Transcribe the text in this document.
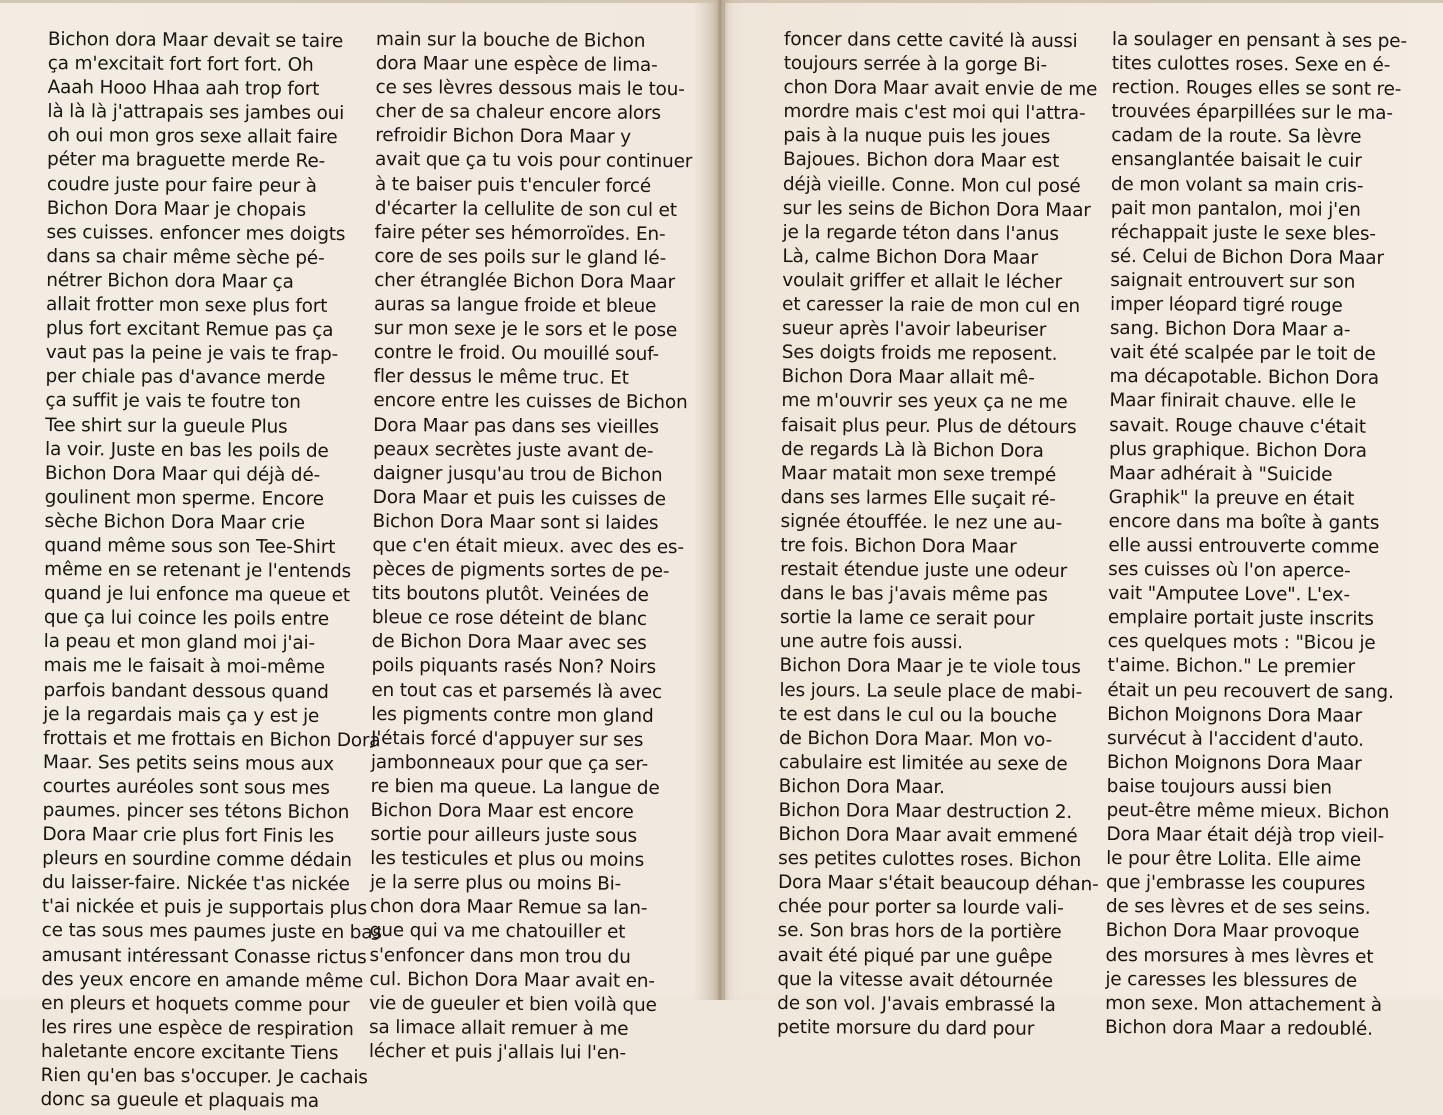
Bichon dora Maar devait se taire
ça m'excitait fort fort fort. Oh
Aaah Hooo Hhaa aah trop fort
là là là j'attrapais ses jambes oui
oh oui mon gros sexe allait faire
péter ma braguette merde Re-
coudre juste pour faire peur à
Bichon Dora Maar je chopais
ses cuisses. enfoncer mes doigts
dans sa chair même sèche pé-
nétrer Bichon dora Maar ça
allait frotter mon sexe plus fort
plus fort excitant Remue pas ça
vaut pas la peine je vais te frap-
per chiale pas d'avance merde
ça suffit je vais te foutre ton
Tee shirt sur la gueule Plus
la voir. Juste en bas les poils de
Bichon Dora Maar qui déjà dé-
goulinent mon sperme. Encore
sèche Bichon Dora Maar crie
quand même sous son Tee-Shirt
même en se retenant je l'entends
quand je lui enfonce ma queue et
que ça lui coince les poils entre
la peau et mon gland moi j'ai-
mais me le faisait à moi-même
parfois bandant dessous quand
je la regardais mais ça y est je
frottais et me frottais en Bichon Dora
Maar. Ses petits seins mous aux
courtes auréoles sont sous mes
paumes. pincer ses tétons Bichon
Dora Maar crie plus fort Finis les
pleurs en sourdine comme dédain
du laisser-faire. Nickée t'as nickée
t'ai nickée et puis je supportais plus
ce tas sous mes paumes juste en bas
amusant intéressant Conasse rictus
des yeux encore en amande même
en pleurs et hoquets comme pour
les rires une espèce de respiration
haletante encore excitante Tiens
Rien qu'en bas s'occuper. Je cachais
donc sa gueule et plaquais ma
main sur la bouche de Bichon
dora Maar une espèce de lima-
ce ses lèvres dessous mais le tou-
cher de sa chaleur encore alors
refroidir Bichon Dora Maar y
avait que ça tu vois pour continuer
à te baiser puis t'enculer forcé
d'écarter la cellulite de son cul et
faire péter ses hémorroïdes. En-
core de ses poils sur le gland lé-
cher étranglée Bichon Dora Maar
auras sa langue froide et bleue
sur mon sexe je le sors et le pose
contre le froid. Ou mouillé souf-
fler dessus le même truc. Et
encore entre les cuisses de Bichon
Dora Maar pas dans ses vieilles
peaux secrètes juste avant de-
daigner jusqu'au trou de Bichon
Dora Maar et puis les cuisses de
Bichon Dora Maar sont si laides
que c'en était mieux. avec des es-
pèces de pigments sortes de pe-
tits boutons plutôt. Veinées de
bleue ce rose déteint de blanc
de Bichon Dora Maar avec ses
poils piquants rasés Non? Noirs
en tout cas et parsemés là avec
les pigments contre mon gland
J'étais forcé d'appuyer sur ses
jambonneaux pour que ça ser-
re bien ma queue. La langue de
Bichon Dora Maar est encore
sortie pour ailleurs juste sous
les testicules et plus ou moins
je la serre plus ou moins Bi-
chon dora Maar Remue sa lan-
gue qui va me chatouiller et
s'enfoncer dans mon trou du
cul. Bichon Dora Maar avait en-
vie de gueuler et bien voilà que
sa limace allait remuer à me
lécher et puis j'allais lui l'en-
foncer dans cette cavité là aussi
toujours serrée à la gorge Bi-
chon Dora Maar avait envie de me
mordre mais c'est moi qui l'attra-
pais à la nuque puis les joues
Bajoues. Bichon dora Maar est
déjà vieille. Conne. Mon cul posé
sur les seins de Bichon Dora Maar
je la regarde téton dans l'anus
Là, calme Bichon Dora Maar
voulait griffer et allait le lécher
et caresser la raie de mon cul en
sueur après l'avoir labeuriser
Ses doigts froids me reposent.
Bichon Dora Maar allait mê-
me m'ouvrir ses yeux ça ne me
faisait plus peur. Plus de détours
de regards Là là Bichon Dora
Maar matait mon sexe trempé
dans ses larmes Elle suçait ré-
signée étouffée. le nez une au-
tre fois. Bichon Dora Maar
restait étendue juste une odeur
dans le bas j'avais même pas
sortie la lame ce serait pour
une autre fois aussi.
Bichon Dora Maar je te viole tous
les jours. La seule place de mabi-
te est dans le cul ou la bouche
de Bichon Dora Maar. Mon vo-
cabulaire est limitée au sexe de
Bichon Dora Maar.
Bichon Dora Maar destruction 2.
Bichon Dora Maar avait emmené
ses petites culottes roses. Bichon
Dora Maar s'était beaucoup déhan-
chée pour porter sa lourde vali-
se. Son bras hors de la portière
avait été piqué par une guêpe
que la vitesse avait détournée
de son vol. J'avais embrassé la
petite morsure du dard pour
la soulager en pensant à ses pe-
tites culottes roses. Sexe en é-
rection. Rouges elles se sont re-
trouvées éparpillées sur le ma-
cadam de la route. Sa lèvre
ensanglantée baisait le cuir
de mon volant sa main cris-
pait mon pantalon, moi j'en
réchappait juste le sexe bles-
sé. Celui de Bichon Dora Maar
saignait entrouvert sur son
imper léopard tigré rouge
sang. Bichon Dora Maar a-
vait été scalpée par le toit de
ma décapotable. Bichon Dora
Maar finirait chauve. elle le
savait. Rouge chauve c'était
plus graphique. Bichon Dora
Maar adhérait à "Suicide
Graphik" la preuve en était
encore dans ma boîte à gants
elle aussi entrouverte comme
ses cuisses où l'on aperce-
vait "Amputee Love". L'ex-
emplaire portait juste inscrits
ces quelques mots : "Bicou je
t'aime. Bichon." Le premier
était un peu recouvert de sang.
Bichon Moignons Dora Maar
survécut à l'accident d'auto.
Bichon Moignons Dora Maar
baise toujours aussi bien
peut-être même mieux. Bichon
Dora Maar était déjà trop vieil-
le pour être Lolita. Elle aime
que j'embrasse les coupures
de ses lèvres et de ses seins.
Bichon Dora Maar provoque
des morsures à mes lèvres et
je caresses les blessures de
mon sexe. Mon attachement à
Bichon dora Maar a redoublé.
